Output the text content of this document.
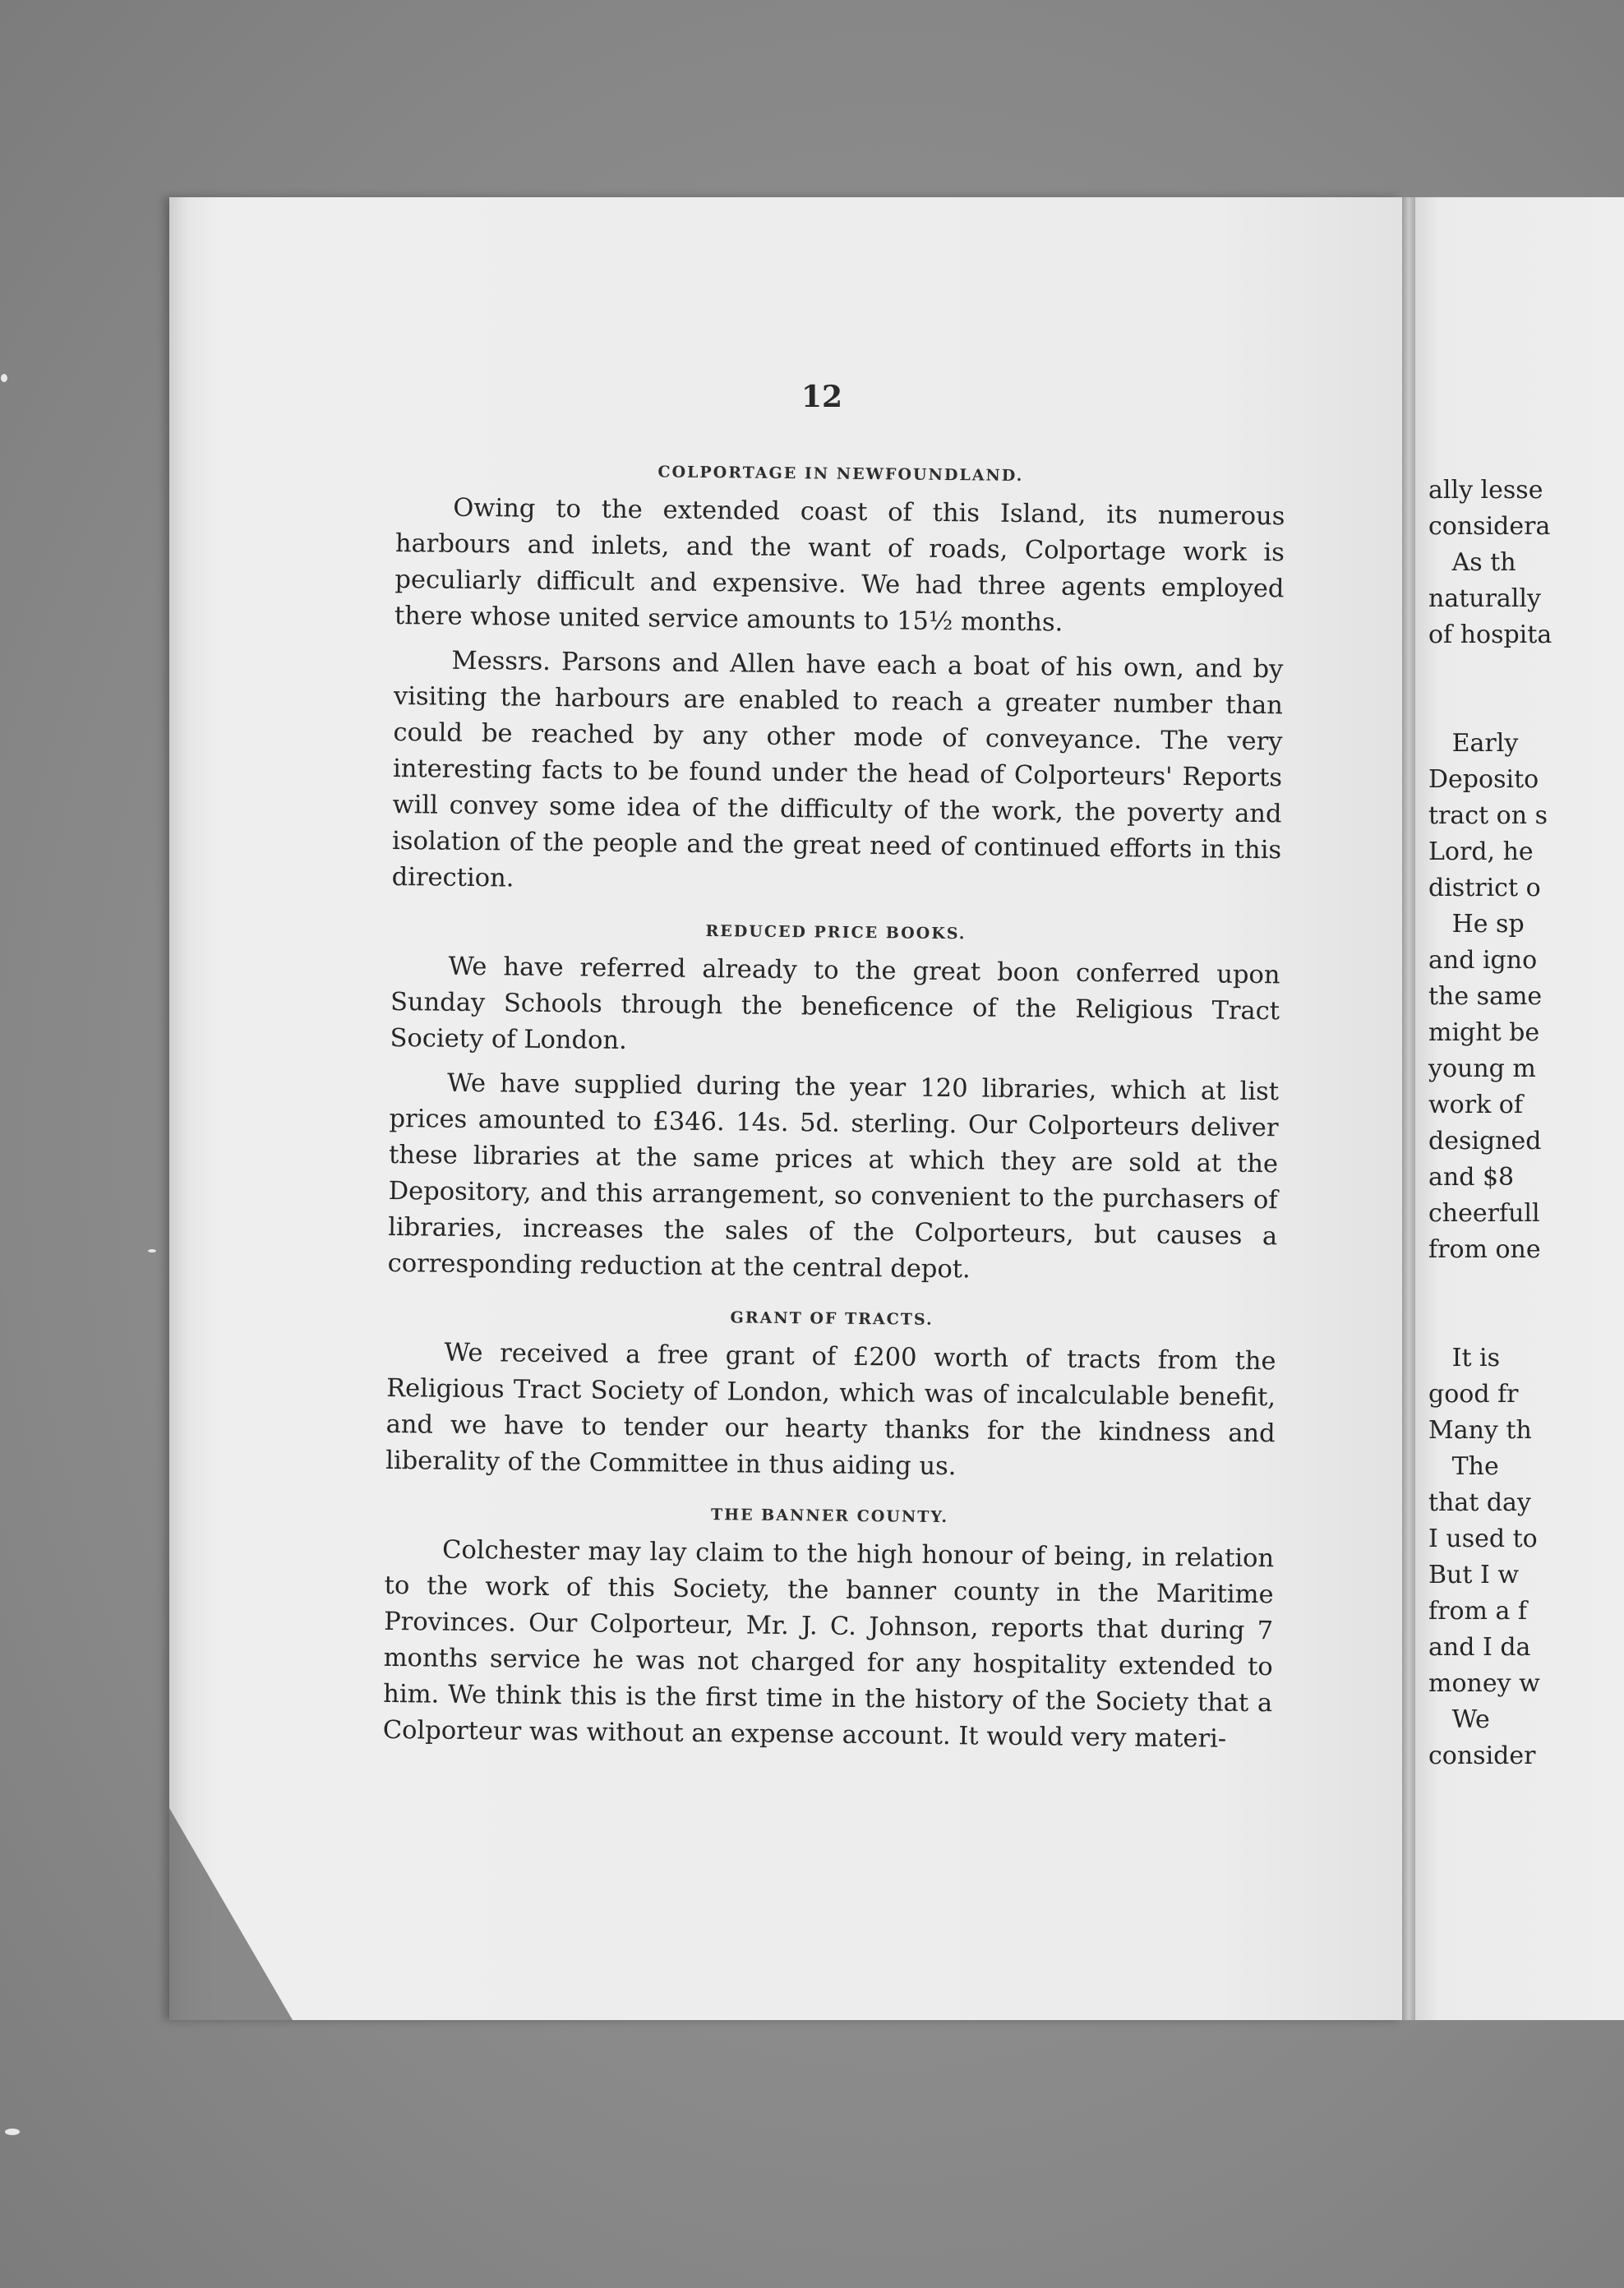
ally lesse
considera
As th
naturally
of hospita

Early
Deposito
tract on s
Lord, he
district o
He sp
and igno
the same
might be
young m
work of
designed
and $8
cheerfull
from one

It is
good fr
Many th
The
that day
I used to
But I w
from a f
and I da
money w
We
consider
12

COLPORTAGE IN NEWFOUNDLAND.

Owing to the extended coast of this Island, its numerous harbours and inlets, and the want of roads, Colportage work is peculiarly difficult and expensive. We had three agents employed there whose united service amounts to 15½ months.

Messrs. Parsons and Allen have each a boat of his own, and by visiting the harbours are enabled to reach a greater number than could be reached by any other mode of conveyance. The very interesting facts to be found under the head of Colporteurs' Reports will convey some idea of the difficulty of the work, the poverty and isolation of the people and the great need of continued efforts in this direction.

REDUCED PRICE BOOKS.

We have referred already to the great boon conferred upon Sunday Schools through the beneficence of the Religious Tract Society of London.

We have supplied during the year 120 libraries, which at list prices amounted to £346. 14s. 5d. sterling. Our Colporteurs deliver these libraries at the same prices at which they are sold at the Depository, and this arrangement, so convenient to the purchasers of libraries, increases the sales of the Colporteurs, but causes a corresponding reduction at the central depot.

GRANT OF TRACTS.

We received a free grant of £200 worth of tracts from the Religious Tract Society of London, which was of incalculable benefit, and we have to tender our hearty thanks for the kindness and liberality of the Committee in thus aiding us.

THE BANNER COUNTY.

Colchester may lay claim to the high honour of being, in relation to the work of this Society, the banner county in the Maritime Provinces. Our Colporteur, Mr. J. C. Johnson, reports that during 7 months service he was not charged for any hospitality extended to him. We think this is the first time in the history of the Society that a Colporteur was without an expense account. It would very materi-
